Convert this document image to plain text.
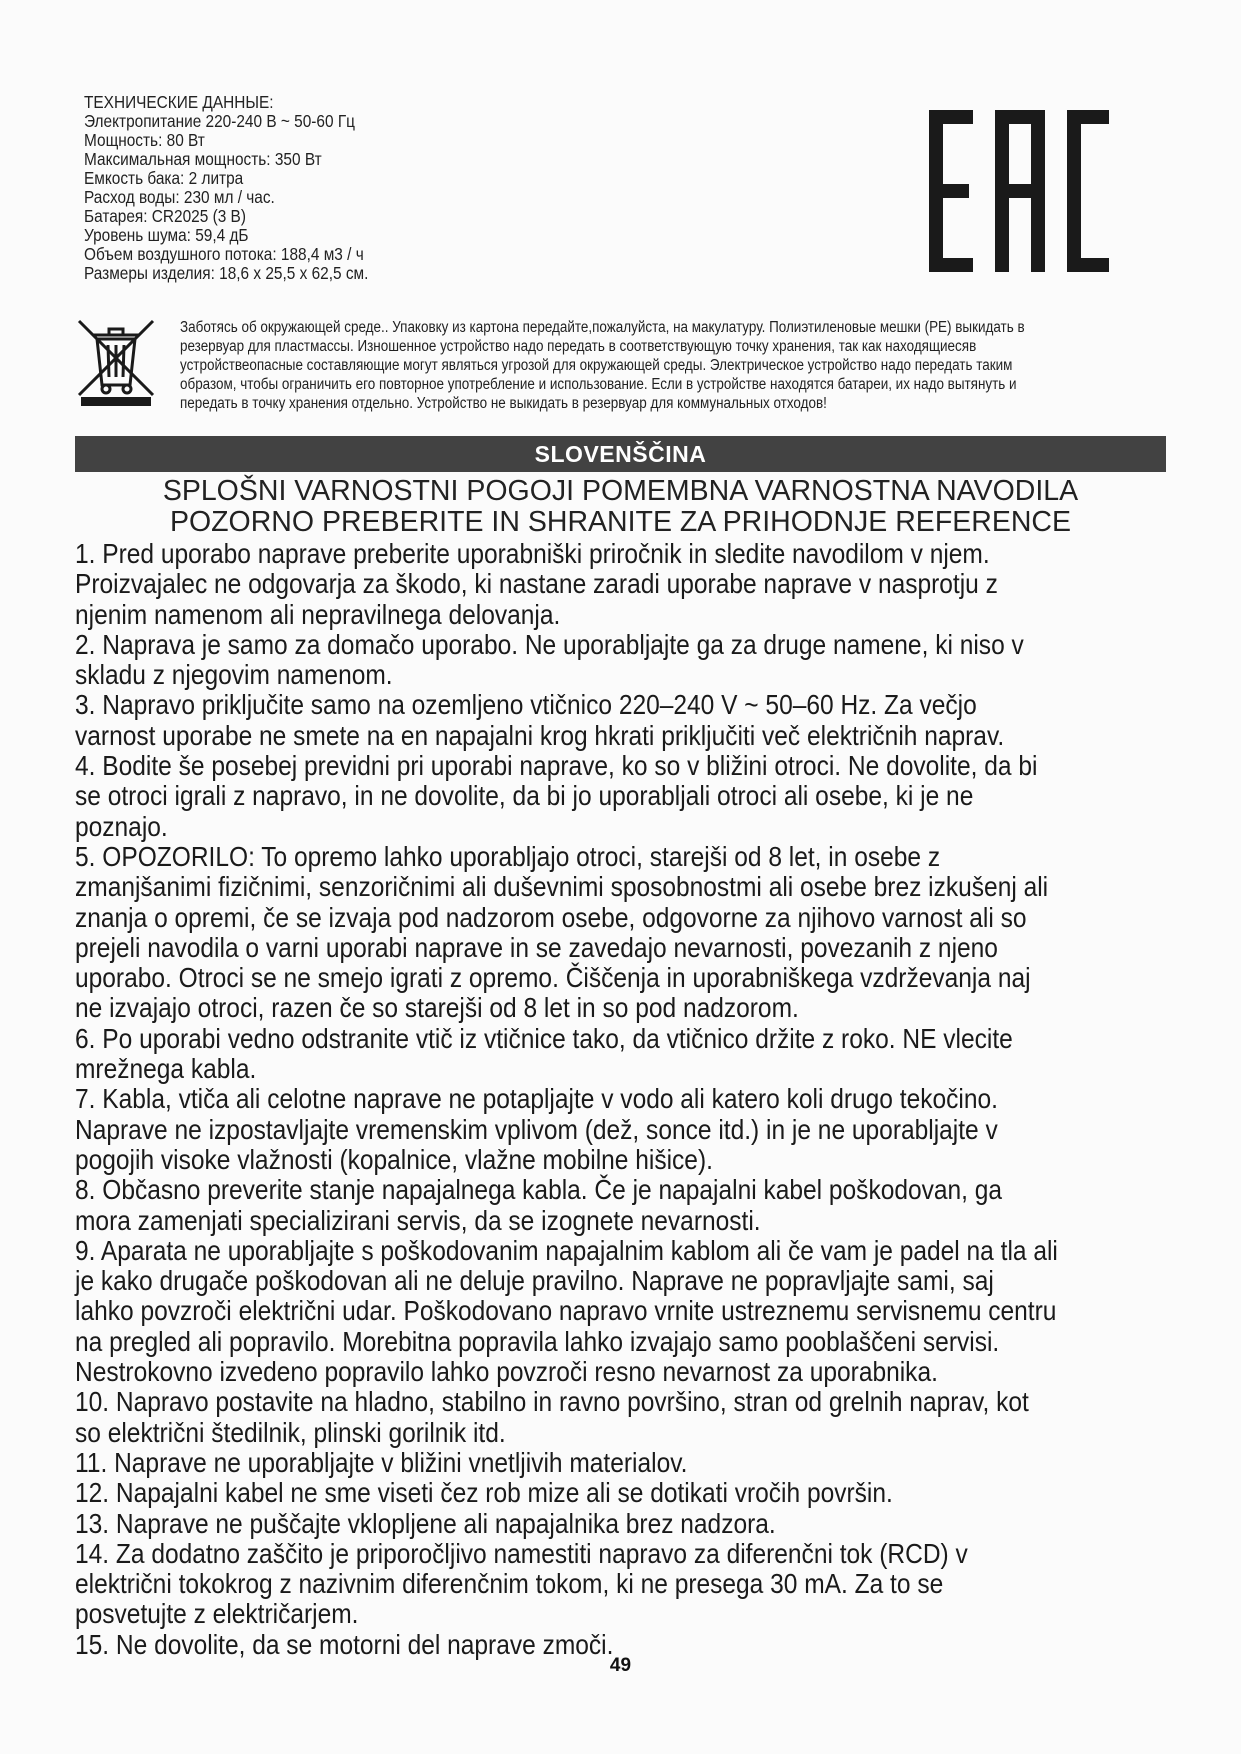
ТЕХНИЧЕСКИЕ ДАННЫЕ:
Электропитание 220-240 В ~ 50-60 Гц
Мощность: 80 Вт
Максимальная мощность: 350 Вт
Емкость бака: 2 литра
Расход воды: 230 мл / час.
Батарея: CR2025 (3 В)
Уровень шума: 59,4 дБ
Объем воздушного потока: 188,4 м3 / ч
Размеры изделия: 18,6 x 25,5 x 62,5 см.
Заботясь об окружающей среде.. Упаковку из картона передайте,пожалуйста, на макулатуру. Полиэтиленовые мешки (PE) выкидать в
резервуар для пластмассы. Изношенное устройство надо передать в соответствующую точку хранения, так как находящиесяв
устройствеопасные составляющие могут являться угрозой для окружающей среды. Электрическое устройство надо передать таким
образом, чтобы ограничить его повторное употребление и использование. Если в устройстве находятся батареи, их надо вытянуть и
передать в точку хранения отдельно. Устройство не выкидать в резервуар для коммунальных отходов!
SLOVENŠČINA
SPLOŠNI VARNOSTNI POGOJI POMEMBNA VARNOSTNA NAVODILA
POZORNO PREBERITE IN SHRANITE ZA PRIHODNJE REFERENCE
1. Pred uporabo naprave preberite uporabniški priročnik in sledite navodilom v njem.
Proizvajalec ne odgovarja za škodo, ki nastane zaradi uporabe naprave v nasprotju z
njenim namenom ali nepravilnega delovanja.
2. Naprava je samo za domačo uporabo. Ne uporabljajte ga za druge namene, ki niso v
skladu z njegovim namenom.
3. Napravo priključite samo na ozemljeno vtičnico 220–240 V ~ 50–60 Hz. Za večjo
varnost uporabe ne smete na en napajalni krog hkrati priključiti več električnih naprav.
4. Bodite še posebej previdni pri uporabi naprave, ko so v bližini otroci. Ne dovolite, da bi
se otroci igrali z napravo, in ne dovolite, da bi jo uporabljali otroci ali osebe, ki je ne
poznajo.
5. OPOZORILO: To opremo lahko uporabljajo otroci, starejši od 8 let, in osebe z
zmanjšanimi fizičnimi, senzoričnimi ali duševnimi sposobnostmi ali osebe brez izkušenj ali
znanja o opremi, če se izvaja pod nadzorom osebe, odgovorne za njihovo varnost ali so
prejeli navodila o varni uporabi naprave in se zavedajo nevarnosti, povezanih z njeno
uporabo. Otroci se ne smejo igrati z opremo. Čiščenja in uporabniškega vzdrževanja naj
ne izvajajo otroci, razen če so starejši od 8 let in so pod nadzorom.
6. Po uporabi vedno odstranite vtič iz vtičnice tako, da vtičnico držite z roko. NE vlecite
mrežnega kabla.
7. Kabla, vtiča ali celotne naprave ne potapljajte v vodo ali katero koli drugo tekočino.
Naprave ne izpostavljajte vremenskim vplivom (dež, sonce itd.) in je ne uporabljajte v
pogojih visoke vlažnosti (kopalnice, vlažne mobilne hišice).
8. Občasno preverite stanje napajalnega kabla. Če je napajalni kabel poškodovan, ga
mora zamenjati specializirani servis, da se izognete nevarnosti.
9. Aparata ne uporabljajte s poškodovanim napajalnim kablom ali če vam je padel na tla ali
je kako drugače poškodovan ali ne deluje pravilno. Naprave ne popravljajte sami, saj
lahko povzroči električni udar. Poškodovano napravo vrnite ustreznemu servisnemu centru
na pregled ali popravilo. Morebitna popravila lahko izvajajo samo pooblaščeni servisi.
Nestrokovno izvedeno popravilo lahko povzroči resno nevarnost za uporabnika.
10. Napravo postavite na hladno, stabilno in ravno površino, stran od grelnih naprav, kot
so električni štedilnik, plinski gorilnik itd.
11. Naprave ne uporabljajte v bližini vnetljivih materialov.
12. Napajalni kabel ne sme viseti čez rob mize ali se dotikati vročih površin.
13. Naprave ne puščajte vklopljene ali napajalnika brez nadzora.
14. Za dodatno zaščito je priporočljivo namestiti napravo za diferenčni tok (RCD) v
električni tokokrog z nazivnim diferenčnim tokom, ki ne presega 30 mA. Za to se
posvetujte z električarjem.
15. Ne dovolite, da se motorni del naprave zmoči.
49
